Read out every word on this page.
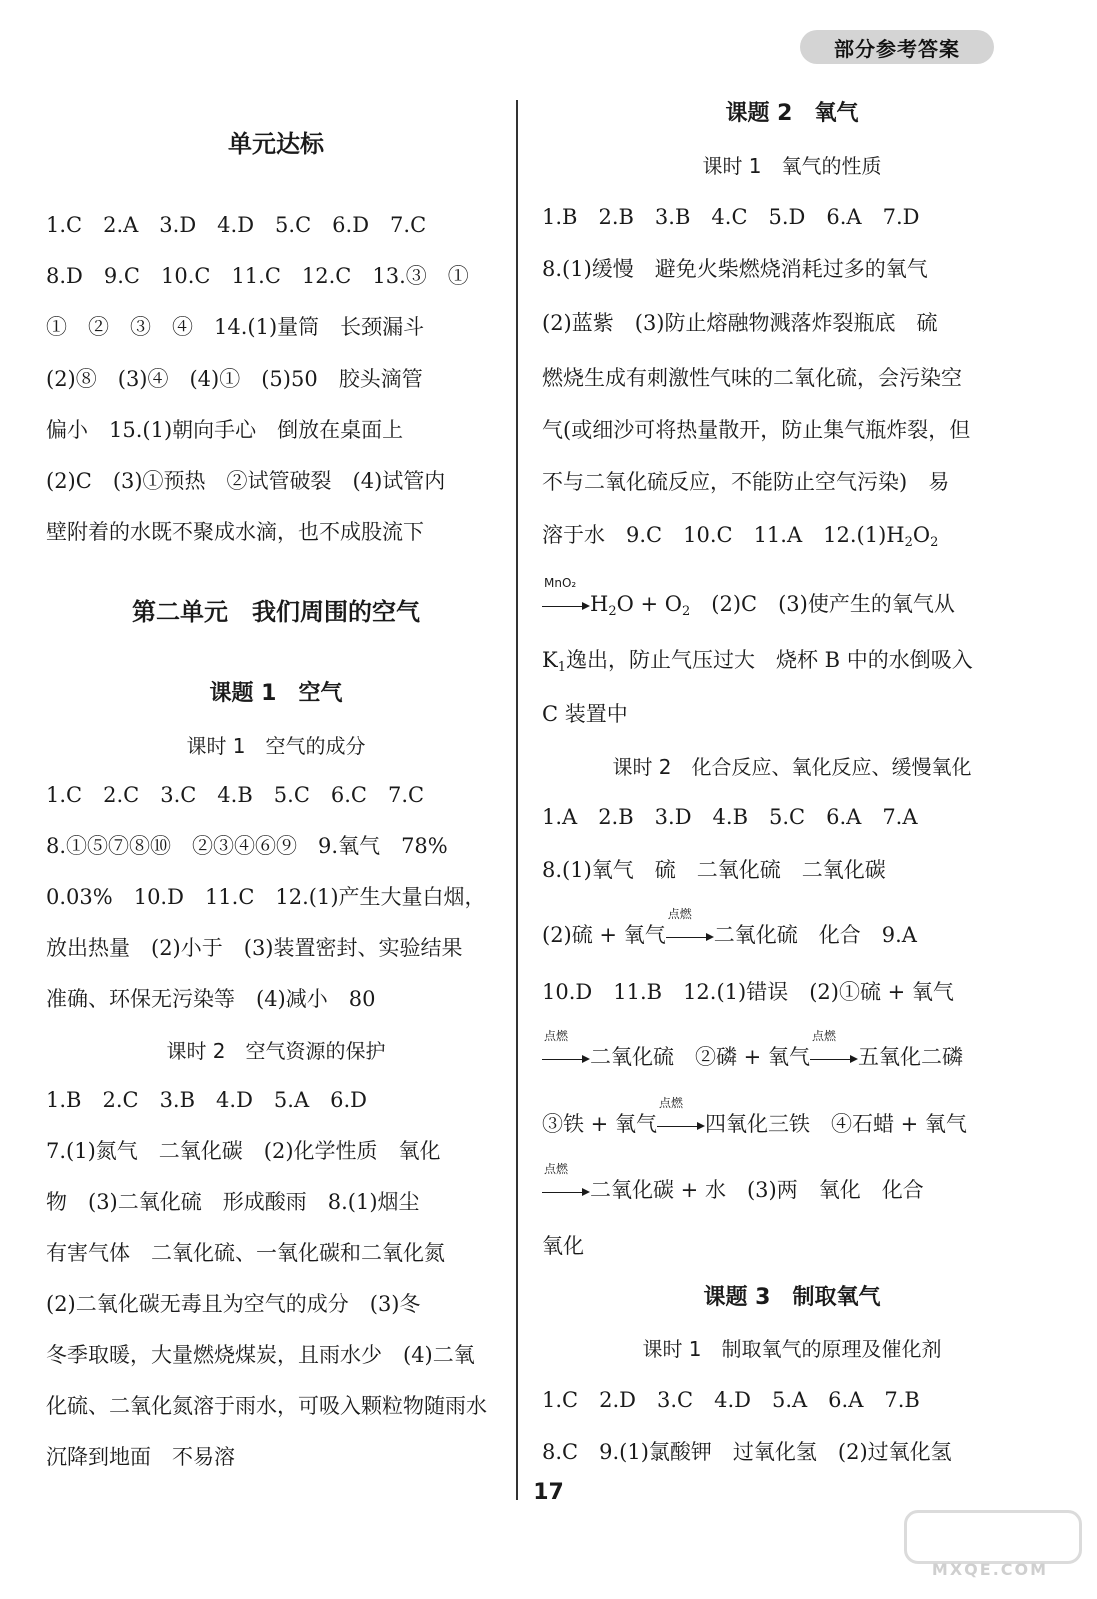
部分参考答案
单元达标
1.C　2.A　3.D　4.D　5.C　6.D　7.C
8.D　9.C　10.C　11.C　12.C　13.③　①
①　②　③　④　14.(1)量筒　长颈漏斗
(2)⑧　(3)④　(4)①　(5)50　胶头滴管
偏小　15.(1)朝向手心　倒放在桌面上
(2)C　(3)①预热　②试管破裂　(4)试管内
壁附着的水既不聚成水滴，也不成股流下
第二单元　我们周围的空气
课题 1　空气
课时 1　空气的成分
1.C　2.C　3.C　4.B　5.C　6.C　7.C
8.①⑤⑦⑧⑩　②③④⑥⑨　9.氧气　78%
0.03%　10.D　11.C　12.(1)产生大量白烟，
放出热量　(2)小于　(3)装置密封、实验结果
准确、环保无污染等　(4)减小　80
课时 2　空气资源的保护
1.B　2.C　3.B　4.D　5.A　6.D
7.(1)氮气　二氧化碳　(2)化学性质　氧化
物　(3)二氧化硫　形成酸雨　8.(1)烟尘
有害气体　二氧化硫、一氧化碳和二氧化氮
(2)二氧化碳无毒且为空气的成分　(3)冬
冬季取暖，大量燃烧煤炭，且雨水少　(4)二氧
化硫、二氧化氮溶于雨水，可吸入颗粒物随雨水
沉降到地面　不易溶
课题 2　氧气
课时 1　氧气的性质
1.B　2.B　3.B　4.C　5.D　6.A　7.D
8.(1)缓慢　避免火柴燃烧消耗过多的氧气
(2)蓝紫　(3)防止熔融物溅落炸裂瓶底　硫
燃烧生成有刺激性气味的二氧化硫，会污染空
气(或细沙可将热量散开，防止集气瓶炸裂，但
不与二氧化硫反应，不能防止空气污染)　易
溶于水　9.C　10.C　11.A　$12.(1)H_2O_2$
MnO₂
$H_2O + O_2$　(2)C　(3)使产生的氧气从
$K_1$逸出，防止气压过大　烧杯 B 中的水倒吸入
C 装置中
课时 2　化合反应、氧化反应、缓慢氧化
1.A　2.B　3.D　4.B　5.C　6.A　7.A
8.(1)氧气　硫　二氧化硫　二氧化碳
(2)硫 + 氧气
点燃
二氧化硫　化合　9.A
10.D　11.B　12.(1)错误　(2)①硫 + 氧气
点燃
二氧化硫　②磷 + 氧气
点燃
五氧化二磷
③铁 + 氧气
点燃
四氧化三铁　④石蜡 + 氧气
点燃
二氧化碳 + 水　(3)两　氧化　化合
氧化
课题 3　制取氧气
课时 1　制取氧气的原理及催化剂
1.C　2.D　3.C　4.D　5.A　6.A　7.B
8.C　9.(1)氯酸钾　过氧化氢　(2)过氧化氢
17
MXQE.COM
